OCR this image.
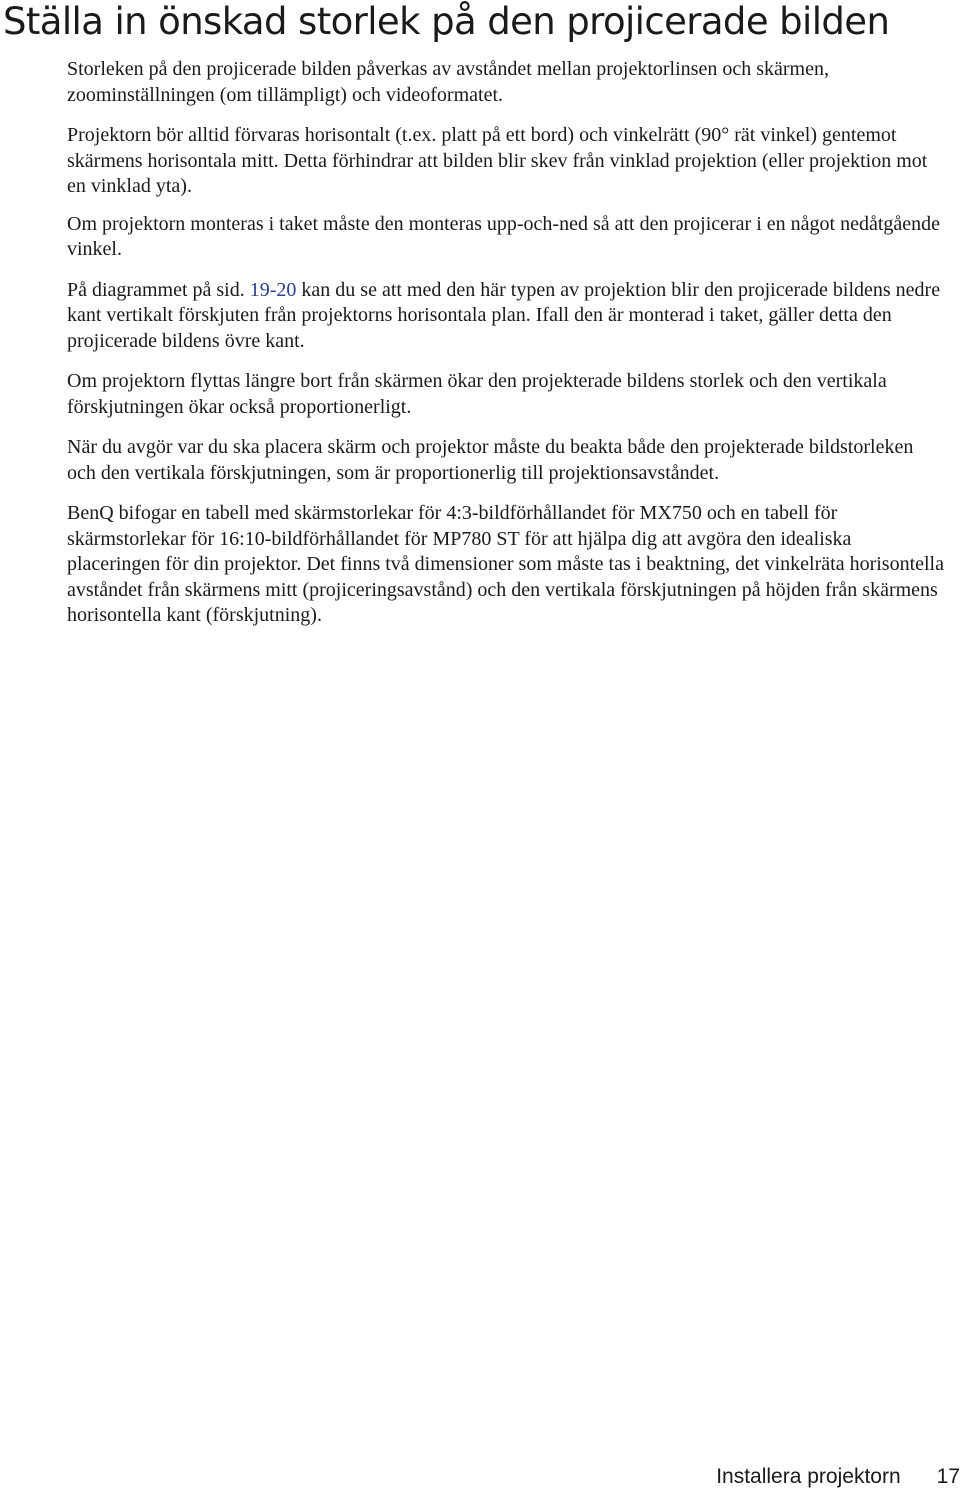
Ställa in önskad storlek på den projicerade bilden

Storleken på den projicerade bilden påverkas av avståndet mellan projektorlinsen och skärmen, zoominställningen (om tillämpligt) och videoformatet.

Projektorn bör alltid förvaras horisontalt (t.ex. platt på ett bord) och vinkelrätt (90° rät vinkel) gentemot skärmens horisontala mitt. Detta förhindrar att bilden blir skev från vinklad projektion (eller projektion mot en vinklad yta).

Om projektorn monteras i taket måste den monteras upp-och-ned så att den projicerar i en något nedåtgående vinkel.

På diagrammet på sid. 19-20 kan du se att med den här typen av projektion blir den projicerade bildens nedre kant vertikalt förskjuten från projektorns horisontala plan. Ifall den är monterad i taket, gäller detta den projicerade bildens övre kant.

Om projektorn flyttas längre bort från skärmen ökar den projekterade bildens storlek och den vertikala förskjutningen ökar också proportionerligt.

När du avgör var du ska placera skärm och projektor måste du beakta både den projekterade bildstorleken och den vertikala förskjutningen, som är proportionerlig till projektionsavståndet.

BenQ bifogar en tabell med skärmstorlekar för 4:3-bildförhållandet för MX750 och en tabell för skärmstorlekar för 16:10-bildförhållandet för MP780 ST för att hjälpa dig att avgöra den idealiska placeringen för din projektor. Det finns två dimensioner som måste tas i beaktning, det vinkelräta horisontella avståndet från skärmens mitt (projiceringsavstånd) och den vertikala förskjutningen på höjden från skärmens horisontella kant (förskjutning).

Installera projektorn 17
